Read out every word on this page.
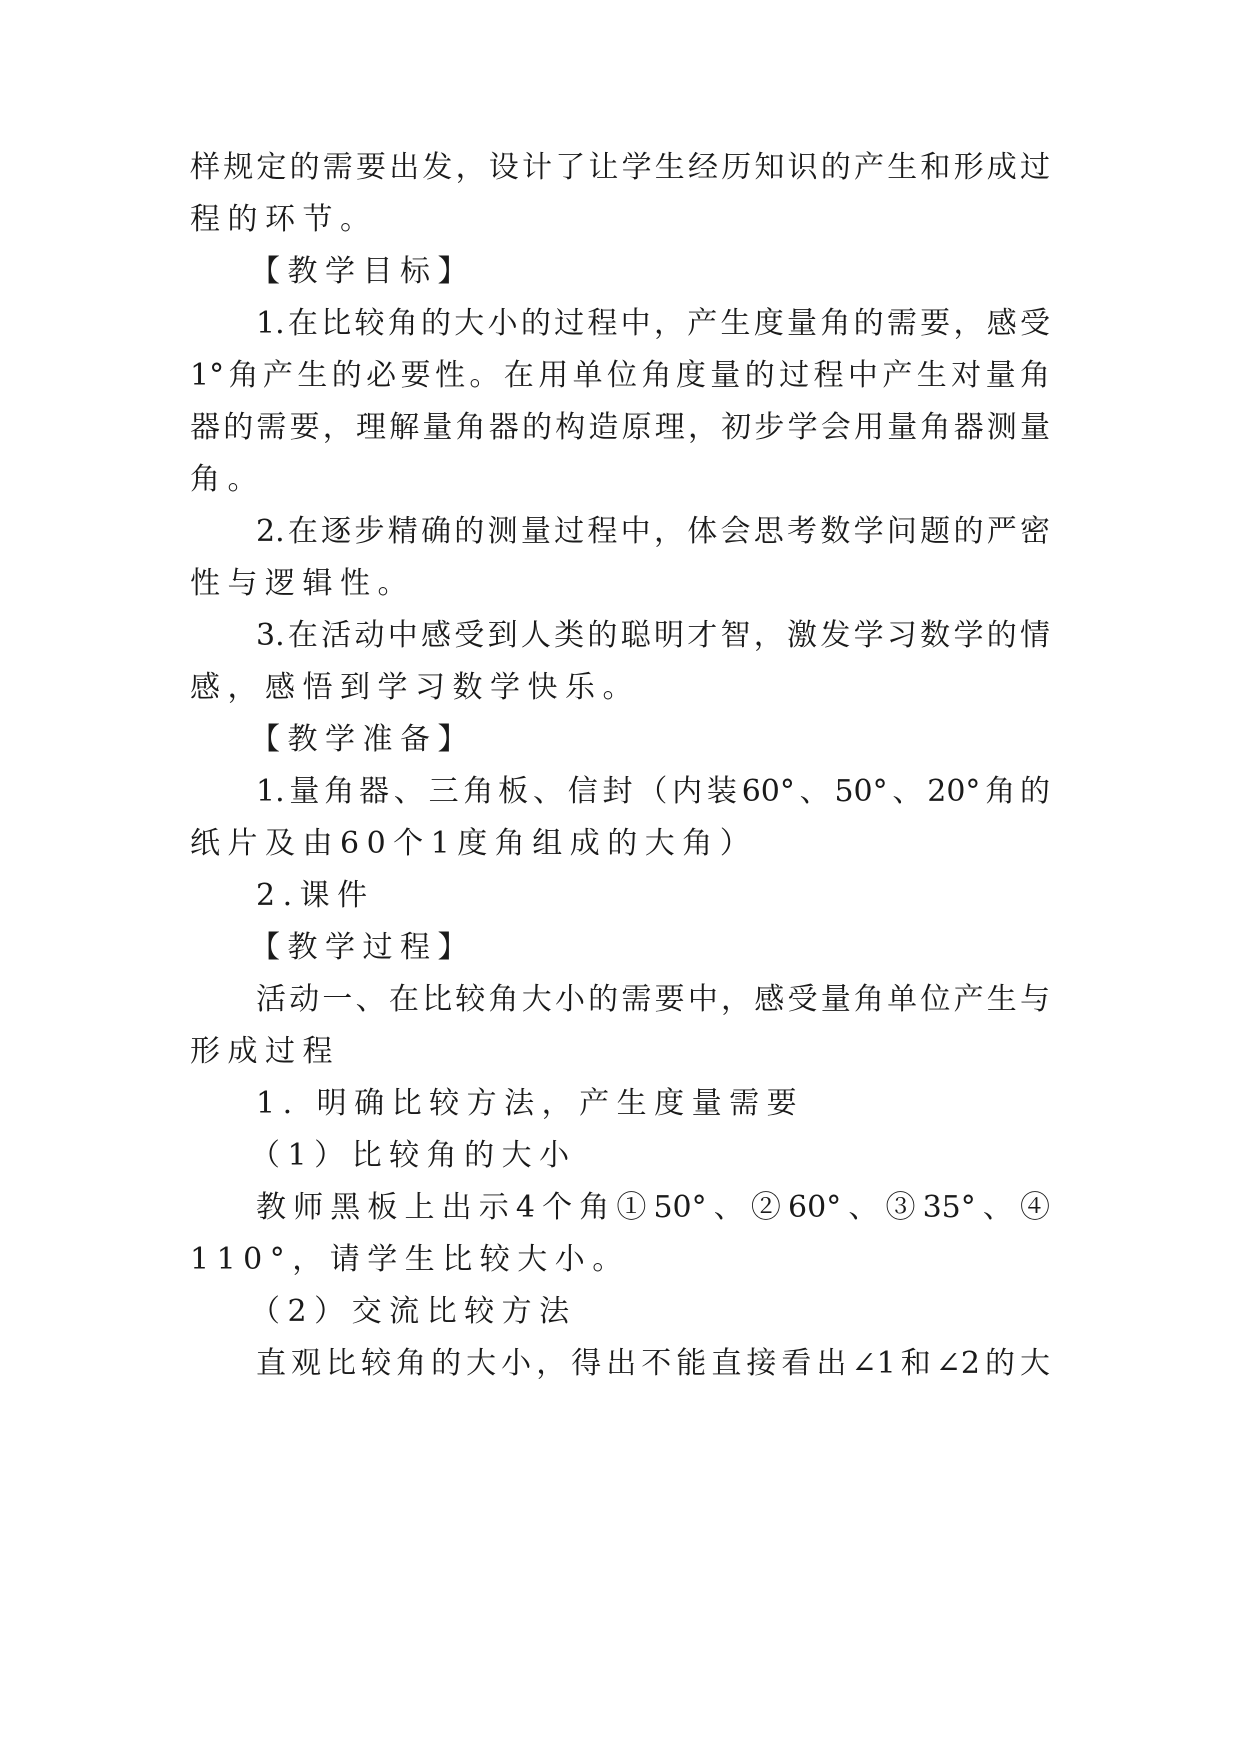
样规定的需要出发，设计了让学生经历知识的产生和形成过
程的环节。
【教学目标】
1.在比较角的大小的过程中，产生度量角的需要，感受
1°角产生的必要性。在用单位角度量的过程中产生对量角
器的需要，理解量角器的构造原理，初步学会用量角器测量
角。
2.在逐步精确的测量过程中，体会思考数学问题的严密
性与逻辑性。
3.在活动中感受到人类的聪明才智，激发学习数学的情
感，感悟到学习数学快乐。
【教学准备】
1.量角器、三角板、信封（内装60°、50°、20°角的
纸片及由60个1度角组成的大角）
2.课件
【教学过程】
活动一、在比较角大小的需要中，感受量角单位产生与
形成过程
1. 明确比较方法，产生度量需要
（1）比较角的大小
教师黑板上出示4个角①50°、②60°、③35°、④
110°，请学生比较大小。
（2）交流比较方法
直观比较角的大小，得出不能直接看出∠1和∠2的大
